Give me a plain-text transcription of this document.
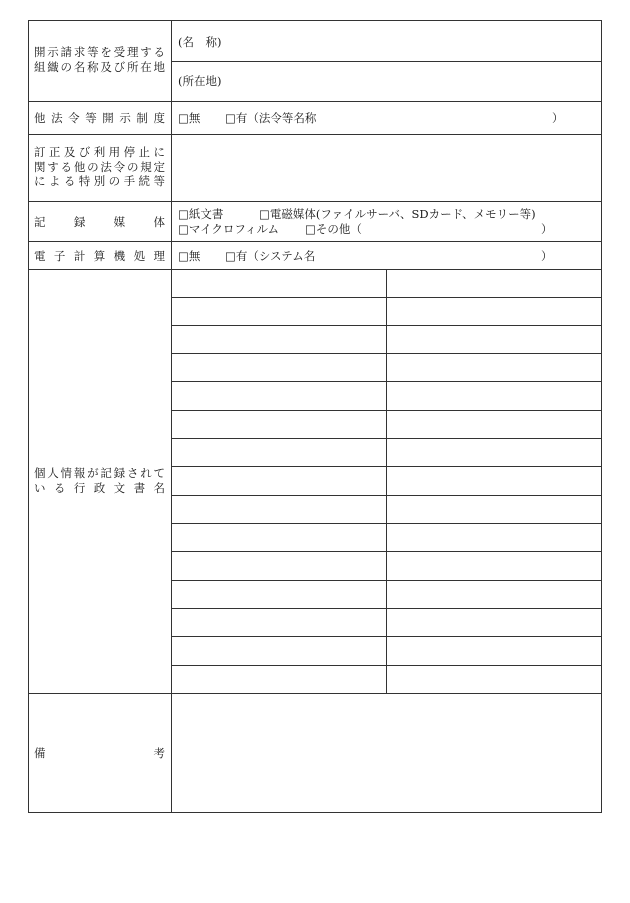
開示請求等を受理する
組織の名称及び所在地
(名　称)
(所在地)
他法令等開示制度 □無 □有（法令等名称	）
訂正及び利用停止に
関する他の法令の規定
による特別の手続等
記録媒体
□紙文書	□電磁媒体(ファイルサーバ、SDカード、メモリー等)
□マイクロフィルム □その他（	）
電子計算機処理 □無 □有（システム名	）
個人情報が記録されて
いる行政文書名
備	考
